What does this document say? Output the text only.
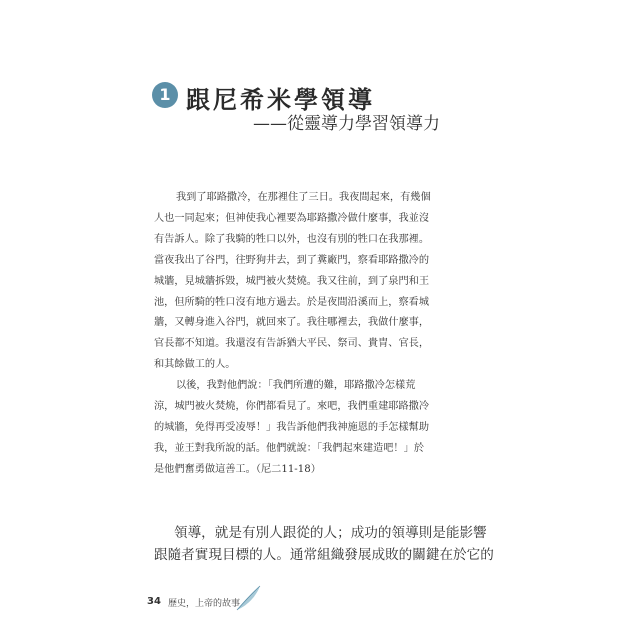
1 跟尼希米學領導
——從靈導力學習領導力
我到了耶路撒冷，在那裡住了三日。我夜間起來，有幾個
人也一同起來；但神使我心裡要為耶路撒冷做什麼事，我並沒
有告訴人。除了我騎的牲口以外，也沒有別的牲口在我那裡。
當夜我出了谷門，往野狗井去，到了糞廠門，察看耶路撒冷的
城牆，見城牆拆毀，城門被火焚燒。我又往前，到了泉門和王
池，但所騎的牲口沒有地方過去。於是夜間沿溪而上，察看城
牆，又轉身進入谷門，就回來了。我往哪裡去，我做什麼事，
官長都不知道。我還沒有告訴猶大平民、祭司、貴胄、官長，
和其餘做工的人。
以後，我對他們說：「我們所遭的難，耶路撒冷怎樣荒
涼，城門被火焚燒，你們都看見了。來吧，我們重建耶路撒冷
的城牆，免得再受凌辱！」我告訴他們我神施恩的手怎樣幫助
我，並王對我所說的話。他們就說：「我們起來建造吧！」於
是他們奮勇做這善工。（尼二11-18）
領導，就是有別人跟從的人；成功的領導則是能影響
跟隨者實現目標的人。通常組織發展成敗的關鍵在於它的
34 歷史，上帝的故事
